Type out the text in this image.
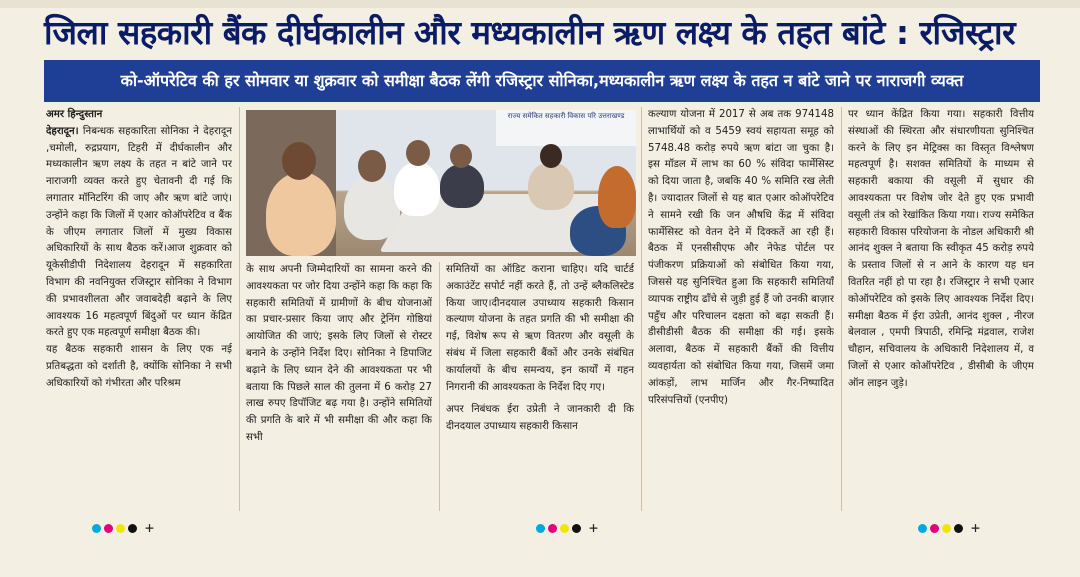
जिला सहकारी बैंक दीर्घकालीन और मध्यकालीन ऋण लक्ष्य के तहत बांटे : रजिस्ट्रार
को-ऑपरेटिव की हर सोमवार या शुक्रवार को समीक्षा बैठक लेंगी रजिस्ट्रार सोनिका,मध्यकालीन ऋण लक्ष्य के तहत न बांटे जाने पर नाराजगी व्यक्त

अमर हिन्दुस्तान

देहरादून। निबन्धक सहकारिता सोनिका ने देहरादून ,चमोली, रुद्रप्रयाग, टिहरी में दीर्घकालीन और मध्यकालीन ऋण लक्ष्य के तहत न बांटे जाने पर नाराजगी व्यक्त करते हुए चेतावनी दी गई कि लगातार मॉनिटरिंग की जाए और ऋण बांटे जाएं। उन्होंने कहा कि जिलों में एआर कोऑपरेटिव व बैंक के जीएम लगातार जिलों में मुख्य विकास अधिकारियों के साथ बैठक करें।आज शुक्रवार को यूकेसीडीपी निदेशालय देहरादून में सहकारिता विभाग की नवनियुक्त रजिस्ट्रार सोनिका ने विभाग की प्रभावशीलता और जवाबदेही बढ़ाने के लिए आवश्यक 16 महत्वपूर्ण बिंदुओं पर ध्यान केंद्रित करते हुए एक महत्वपूर्ण समीक्षा बैठक की।

यह बैठक सहकारी शासन के लिए एक नई प्रतिबद्धता को दर्शाती है, क्योंकि सोनिका ने सभी अधिकारियों को गंभीरता और परिश्रम

राज्य समेकित सहकारी विकास परि उत्तराखण्ड

के साथ अपनी जिम्मेदारियों का सामना करने की आवश्यकता पर जोर दिया उन्होंने कहा कि कहा कि सहकारी समितियों में ग्रामीणों के बीच योजनाओं का प्रचार-प्रसार किया जाए और ट्रेनिंग गोष्ठियां आयोजित की जाएं; इसके लिए जिलों से रोस्टर बनाने के उन्होंने निर्देश दिए। सोनिका ने डिपाजिट बढ़ाने के लिए ध्यान देने की आवश्यकता पर भी बताया कि पिछले साल की तुलना में 6 करोड़ 27 लाख रुपए डिपॉजिट बढ़ गया है। उन्होंने समितियों की प्रगति के बारे में भी समीक्षा की और कहा कि सभी

समितियों का ऑडिट कराना चाहिए। यदि चार्टर्ड अकाउंटेंट सपोर्ट नहीं करते हैं, तो उन्हें ब्लैकलिस्टेड किया जाए।दीनदयाल उपाध्याय सहकारी किसान कल्याण योजना के तहत प्रगति की भी समीक्षा की गई, विशेष रूप से ऋण वितरण और वसूली के संबंध में जिला सहकारी बैंकों और उनके संबंधित कार्यालयों के बीच समन्वय, इन कार्यों में गहन निगरानी की आवश्यकता के निर्देश दिए गए।

अपर निबंधक ईरा उप्रेती ने जानकारी दी कि दीनदयाल उपाध्याय सहकारी किसान

कल्याण योजना में 2017 से अब तक 974148 लाभार्थियों को व 5459 स्वयं सहायता समूह को 5748.48 करोड़ रुपये ऋण बांटा जा चुका है। इस मॉडल में लाभ का 60 % संविदा फार्मेसिस्ट को दिया जाता है, जबकि 40 % समिति रख लेती है। ज्यादातर जिलों से यह बात एआर कोऑपरेटिव ने सामने रखी कि जन औषधि केंद्र में संविदा फार्मेसिस्ट को वेतन देने में दिक्कतें आ रही हैं। बैठक में एनसीसीएफ और नेफेड पोर्टल पर पंजीकरण प्रक्रियाओं को संबोधित किया गया, जिससे यह सुनिश्चित हुआ कि सहकारी समितियाँ व्यापक राष्ट्रीय ढाँचे से जुड़ी हुई हैं जो उनकी बाज़ार पहुँच और परिचालन दक्षता को बढ़ा सकती हैं। डीसीडीसी बैठक की समीक्षा की गई। इसके अलावा, बैठक में सहकारी बैंकों की वित्तीय व्यवहार्यता को संबोधित किया गया, जिसमें जमा आंकड़ों, लाभ मार्जिन और गैर-निष्पादित परिसंपत्तियों (एनपीए)

पर ध्यान केंद्रित किया गया। सहकारी वित्तीय संस्थाओं की स्थिरता और संधारणीयता सुनिश्चित करने के लिए इन मेट्रिक्स का विस्तृत विश्लेषण महत्वपूर्ण है। सशक्त समितियों के माध्यम से सहकारी बकाया की वसूली में सुधार की आवश्यकता पर विशेष जोर देते हुए एक प्रभावी वसूली तंत्र को रेखांकित किया गया। राज्य समेकित सहकारी विकास परियोजना के नोडल अधिकारी श्री आनंद शुक्ल ने बताया कि स्वीकृत 45 करोड़ रुपये के प्रस्ताव जिलों से न आने के कारण यह धन वितरित नहीं हो पा रहा है। रजिस्ट्रार ने सभी एआर कोऑपरेटिव को इसके लिए आवश्यक निर्देश दिए। समीक्षा बैठक में ईरा उप्रेती, आनंद शुक्ल , नीरज बेलवाल , एमपी त्रिपाठी, रमिन्द्रि मंद्रवाल, राजेश चौहान, सचिवालय के अधिकारी निदेशालय में, व जिलों से एआर कोऑपरेटिव , डीसीबी के जीएम ऑन लाइन जुड़े।

+	+	+
